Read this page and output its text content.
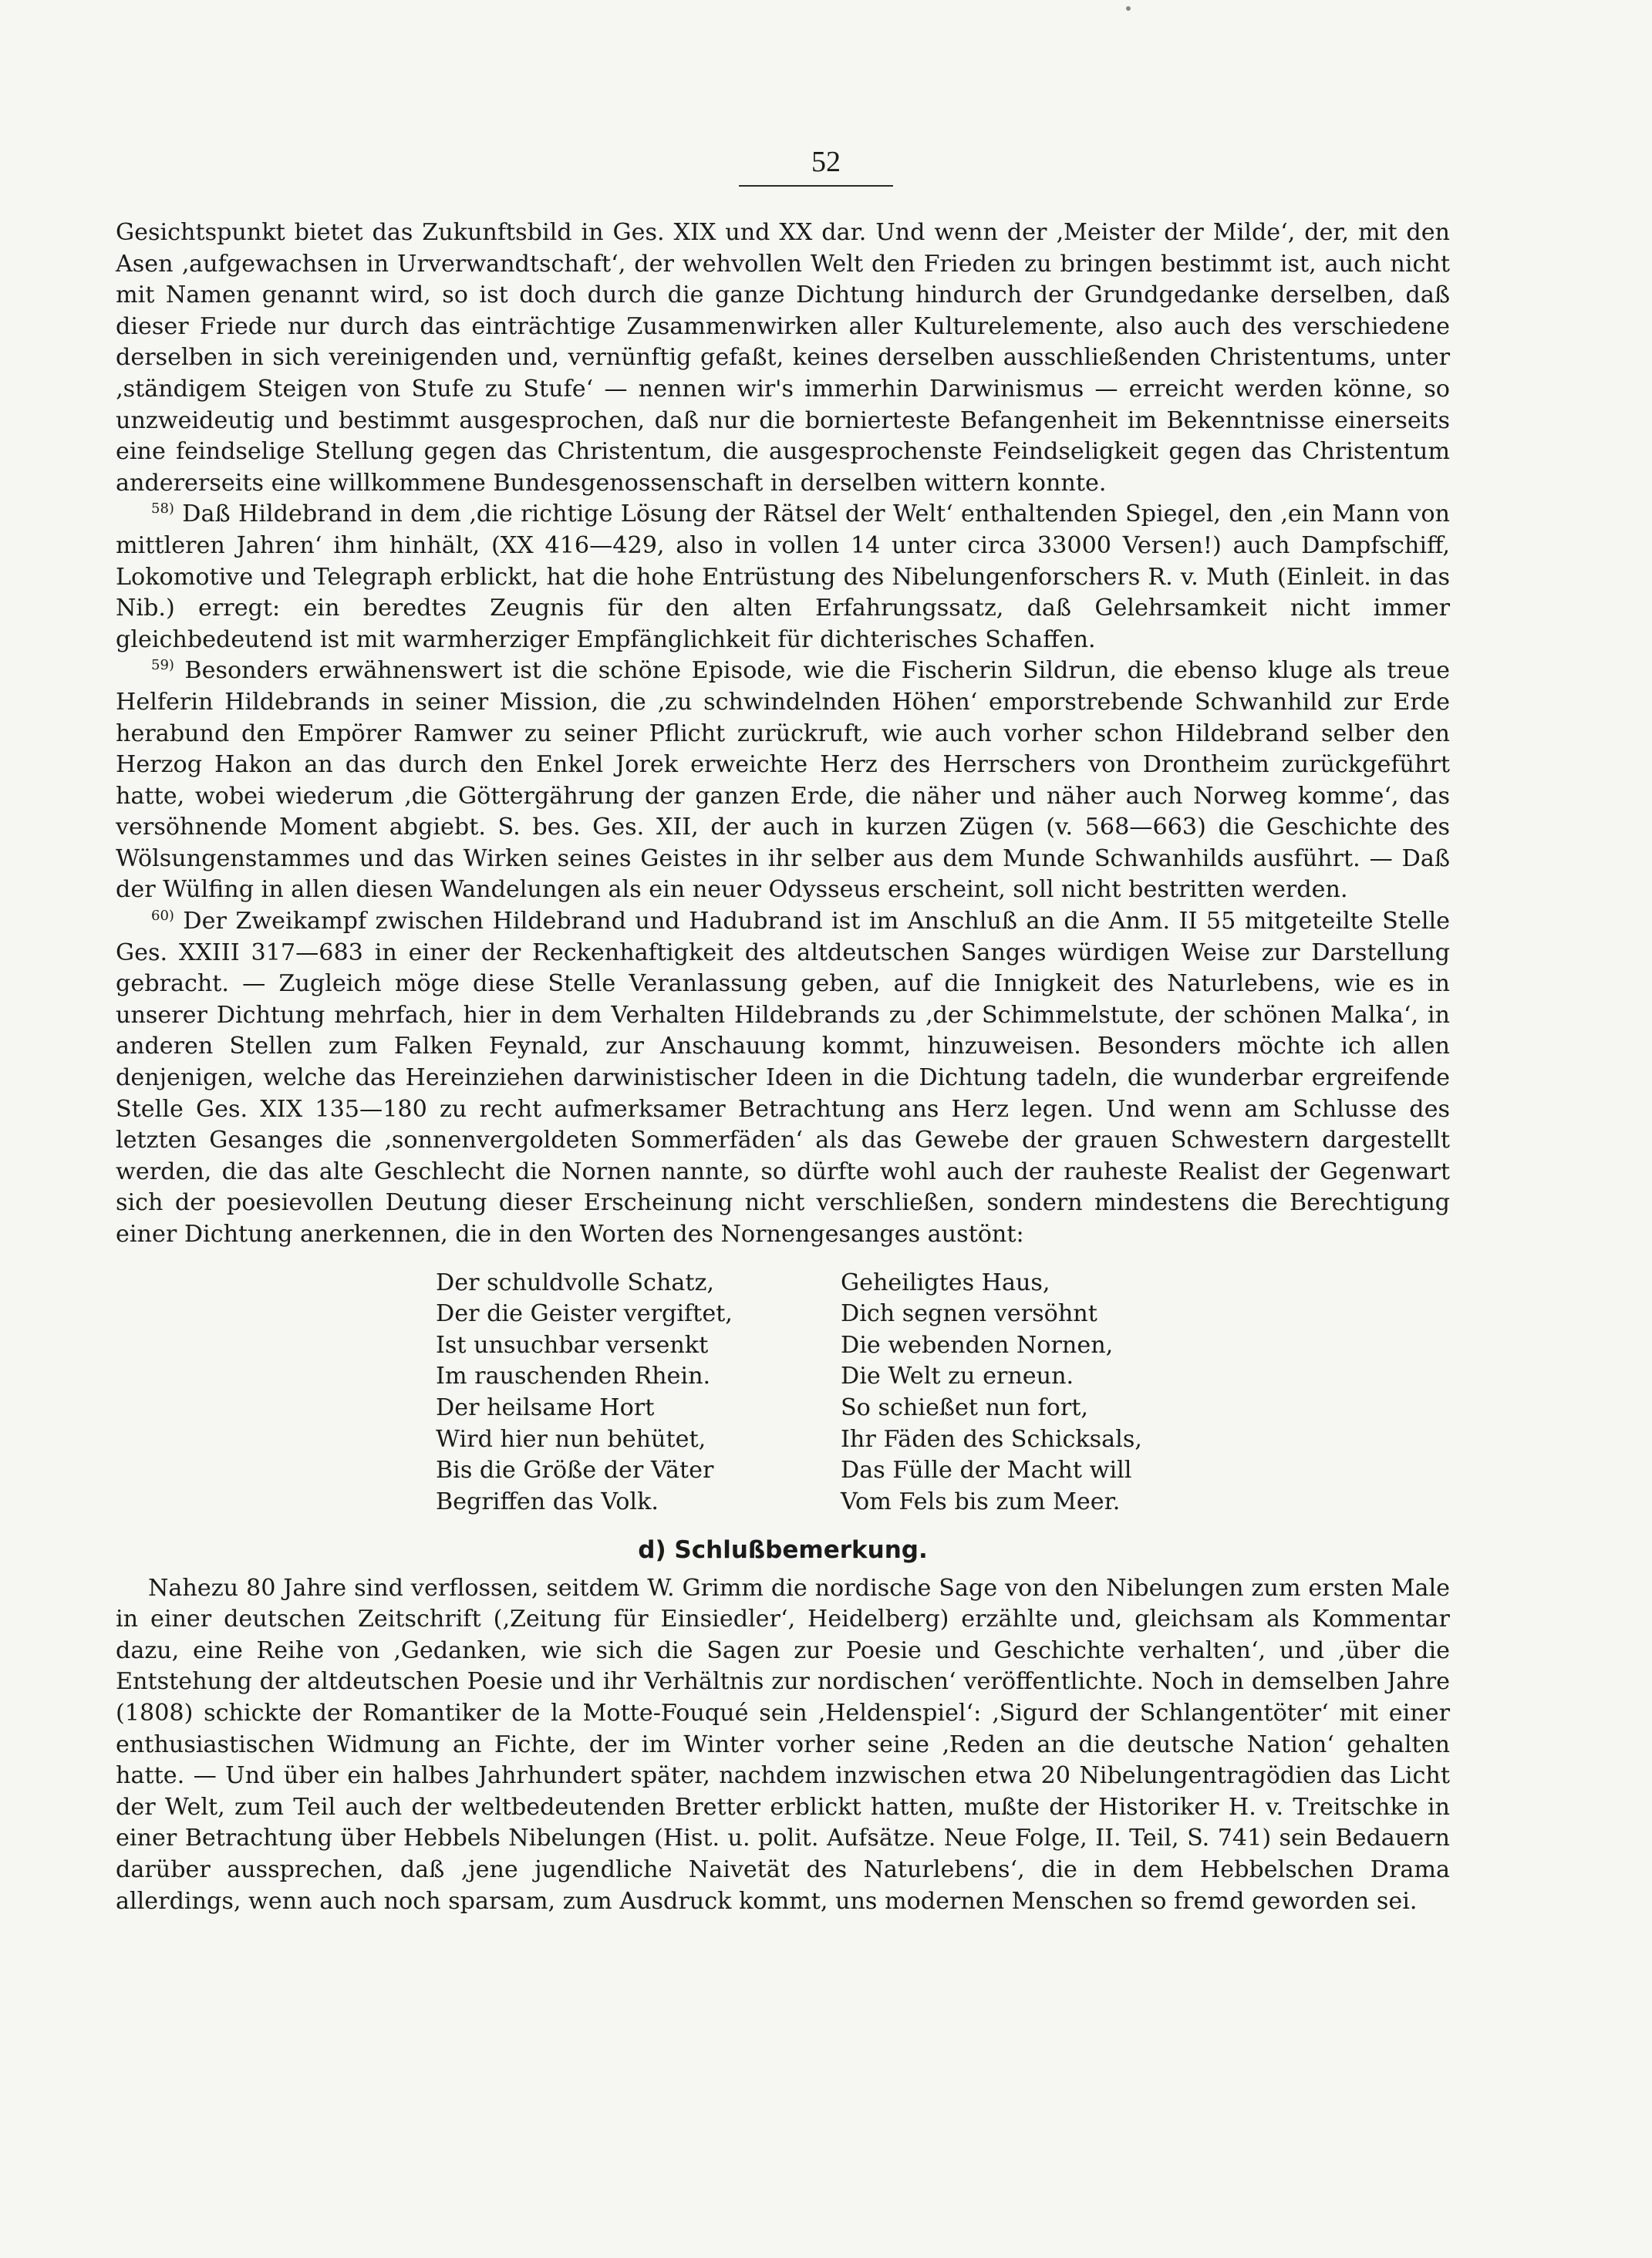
52

Gesichtspunkt bietet das Zukunftsbild in Ges. XIX und XX dar. Und wenn der ‚Meister der Milde‘, der, mit den Asen ‚aufgewachsen in Urverwandtschaft‘, der wehvollen Welt den Frieden zu bringen bestimmt ist, auch nicht mit Namen genannt wird, so ist doch durch die ganze Dichtung hindurch der Grundgedanke derselben, daß dieser Friede nur durch das einträchtige Zusammenwirken aller Kulturelemente, also auch des verschiedene derselben in sich vereinigenden und, vernünftig gefaßt, keines derselben ausschließenden Christentums, unter ‚ständigem Steigen von Stufe zu Stufe‘ — nennen wir's immerhin Darwinismus — erreicht werden könne, so unzweideutig und bestimmt ausgesprochen, daß nur die bornierteste Befangenheit im Bekenntnisse einerseits eine feindselige Stellung gegen das Christentum, die ausgesprochenste Feindseligkeit gegen das Christentum andererseits eine willkommene Bundesgenossenschaft in derselben wittern konnte.

$^{58)}$ Daß Hildebrand in dem ‚die richtige Lösung der Rätsel der Welt‘ enthaltenden Spiegel, den ‚ein Mann von mittleren Jahren‘ ihm hinhält, (XX 416—429, also in vollen 14 unter circa 33000 Versen!) auch Dampfschiff, Lokomotive und Telegraph erblickt, hat die hohe Entrüstung des Nibelungenforschers R. v. Muth (Einleit. in das Nib.) erregt: ein beredtes Zeugnis für den alten Erfahrungssatz, daß Gelehrsamkeit nicht immer gleichbedeutend ist mit warmherziger Empfänglichkeit für dichterisches Schaffen.

$^{59)}$ Besonders erwähnenswert ist die schöne Episode, wie die Fischerin Sildrun, die ebenso kluge als treue Helferin Hildebrands in seiner Mission, die ‚zu schwindelnden Höhen‘ emporstrebende Schwanhild zur Erde herabund den Empörer Ramwer zu seiner Pflicht zurückruft, wie auch vorher schon Hildebrand selber den Herzog Hakon an das durch den Enkel Jorek erweichte Herz des Herrschers von Drontheim zurückgeführt hatte, wobei wiederum ‚die Göttergährung der ganzen Erde, die näher und näher auch Norweg komme‘, das versöhnende Moment abgiebt. S. bes. Ges. XII, der auch in kurzen Zügen (v. 568—663) die Geschichte des Wölsungenstammes und das Wirken seines Geistes in ihr selber aus dem Munde Schwanhilds ausführt. — Daß der Wülfing in allen diesen Wandelungen als ein neuer Odysseus erscheint, soll nicht bestritten werden.

$^{60)}$ Der Zweikampf zwischen Hildebrand und Hadubrand ist im Anschluß an die Anm. II 55 mitgeteilte Stelle Ges. XXIII 317—683 in einer der Reckenhaftigkeit des altdeutschen Sanges würdigen Weise zur Darstellung gebracht. — Zugleich möge diese Stelle Veranlassung geben, auf die Innigkeit des Naturlebens, wie es in unserer Dichtung mehrfach, hier in dem Verhalten Hildebrands zu ‚der Schimmelstute, der schönen Malka‘, in anderen Stellen zum Falken Feynald, zur Anschauung kommt, hinzuweisen. Besonders möchte ich allen denjenigen, welche das Hereinziehen darwinistischer Ideen in die Dichtung tadeln, die wunderbar ergreifende Stelle Ges. XIX 135—180 zu recht aufmerksamer Betrachtung ans Herz legen. Und wenn am Schlusse des letzten Gesanges die ‚sonnenvergoldeten Sommerfäden‘ als das Gewebe der grauen Schwestern dargestellt werden, die das alte Geschlecht die Nornen nannte, so dürfte wohl auch der rauheste Realist der Gegenwart sich der poesievollen Deutung dieser Erscheinung nicht verschließen, sondern mindestens die Berechtigung einer Dichtung anerkennen, die in den Worten des Nornengesanges austönt:

Der schuldvolle Schatz,
Der die Geister vergiftet,
Ist unsuchbar versenkt
Im rauschenden Rhein.
Der heilsame Hort
Wird hier nun behütet,
Bis die Größe der Väter
Begriffen das Volk.
Geheiligtes Haus,
Dich segnen versöhnt
Die webenden Nornen,
Die Welt zu erneun.
So schießet nun fort,
Ihr Fäden des Schicksals,
Das Fülle der Macht will
Vom Fels bis zum Meer.
d) Schlußbemerkung.

Nahezu 80 Jahre sind verflossen, seitdem W. Grimm die nordische Sage von den Nibelungen zum ersten Male in einer deutschen Zeitschrift (‚Zeitung für Einsiedler‘, Heidelberg) erzählte und, gleichsam als Kommentar dazu, eine Reihe von ‚Gedanken, wie sich die Sagen zur Poesie und Geschichte verhalten‘, und ‚über die Entstehung der altdeutschen Poesie und ihr Verhältnis zur nordischen‘ veröffentlichte. Noch in demselben Jahre (1808) schickte der Romantiker de la Motte-Fouqué sein ‚Heldenspiel‘: ‚Sigurd der Schlangentöter‘ mit einer enthusiastischen Widmung an Fichte, der im Winter vorher seine ‚Reden an die deutsche Nation‘ gehalten hatte. — Und über ein halbes Jahrhundert später, nachdem inzwischen etwa 20 Nibelungentragödien das Licht der Welt, zum Teil auch der weltbedeutenden Bretter erblickt hatten, mußte der Historiker H. v. Treitschke in einer Betrachtung über Hebbels Nibelungen (Hist. u. polit. Aufsätze. Neue Folge, II. Teil, S. 741) sein Bedauern darüber aussprechen, daß ‚jene jugendliche Naivetät des Naturlebens‘, die in dem Hebbelschen Drama allerdings, wenn auch noch sparsam, zum Ausdruck kommt, uns modernen Menschen so fremd geworden sei.
